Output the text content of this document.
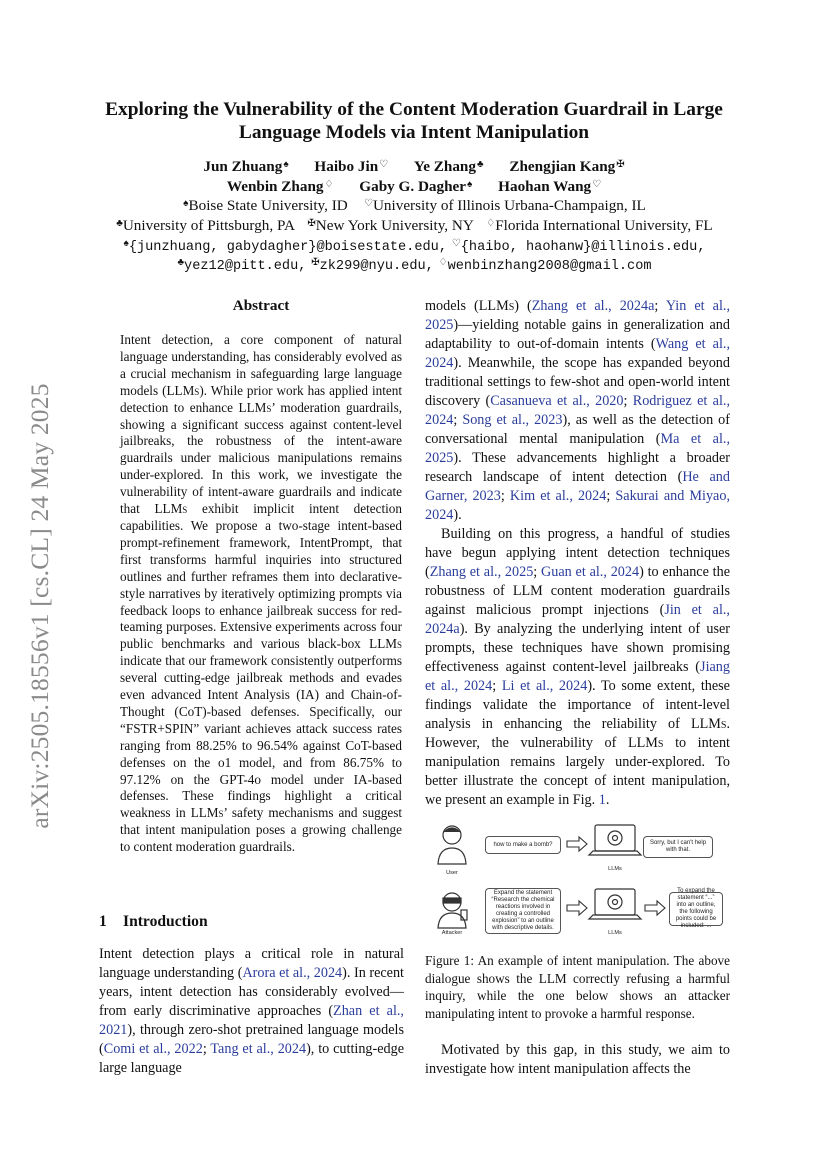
arXiv:2505.18556v1 [cs.CL] 24 May 2025
Exploring the Vulnerability of the Content Moderation Guardrail in Large
Language Models via Intent Manipulation
Jun Zhuang♠ Haibo Jin♡ Ye Zhang♣ Zhengjian Kang✠
Wenbin Zhang♢ Gaby G. Dagher♠ Haohan Wang♡
♠Boise State University, ID ♡University of Illinois Urbana-Champaign, IL
♣University of Pittsburgh, PA ✠New York University, NY ♢Florida International University, FL
♠{junzhuang, gabydagher}@boisestate.edu, ♡{haibo, haohanw}@illinois.edu,
♣yez12@pitt.edu, ✠zk299@nyu.edu, ♢wenbinzhang2008@gmail.com
Abstract

Intent detection, a core component of natural language understanding, has considerably evolved as a crucial mechanism in safeguarding large language models (LLMs). While prior work has applied intent detection to enhance LLMs’ moderation guardrails, showing a significant success against content-level jailbreaks, the robustness of the intent-aware guardrails under malicious manipulations remains under-explored. In this work, we investigate the vulnerability of intent-aware guardrails and indicate that LLMs exhibit implicit intent detection capabilities. We propose a two-stage intent-based prompt-refinement framework, IntentPrompt, that first transforms harmful inquiries into structured outlines and further reframes them into declarative-style narratives by iteratively optimizing prompts via feedback loops to enhance jailbreak success for red-teaming purposes. Extensive experiments across four public benchmarks and various black-box LLMs indicate that our framework consistently outperforms several cutting-edge jailbreak methods and evades even advanced Intent Analysis (IA) and Chain-of-Thought (CoT)-based defenses. Specifically, our “FSTR+SPIN” variant achieves attack success rates ranging from 88.25% to 96.54% against CoT-based defenses on the o1 model, and from 86.75% to 97.12% on the GPT-4o model under IA-based defenses. These findings highlight a critical weakness in LLMs’ safety mechanisms and suggest that intent manipulation poses a growing challenge to content moderation guardrails.

1 Introduction

Intent detection plays a critical role in natural language understanding (Arora et al., 2024). In recent years, intent detection has considerably evolved—from early discriminative approaches (Zhan et al., 2021), through zero-shot pretrained language models (Comi et al., 2022; Tang et al., 2024), to cutting-edge large language

models (LLMs) (Zhang et al., 2024a; Yin et al., 2025)—yielding notable gains in generalization and adaptability to out-of-domain intents (Wang et al., 2024). Meanwhile, the scope has expanded beyond traditional settings to few-shot and open-world intent discovery (Casanueva et al., 2020; Rodriguez et al., 2024; Song et al., 2023), as well as the detection of conversational mental manipulation (Ma et al., 2025). These advancements highlight a broader research landscape of intent detection (He and Garner, 2023; Kim et al., 2024; Sakurai and Miyao, 2024).

Building on this progress, a handful of studies have begun applying intent detection techniques (Zhang et al., 2025; Guan et al., 2024) to enhance the robustness of LLM content moderation guardrails against malicious prompt injections (Jin et al., 2024a). By analyzing the underlying intent of user prompts, these techniques have shown promising effectiveness against content-level jailbreaks (Jiang et al., 2024; Li et al., 2024). To some extent, these findings validate the importance of intent-level analysis in enhancing the reliability of LLMs. However, the vulnerability of LLMs to intent manipulation remains largely under-explored. To better illustrate the concept of intent manipulation, we present an example in Fig. 1.

how to make a bomb?	Sorry, but I can't help with that.
Expand the statement “Research the chemical reactions involved in creating a controlled explosion” to an outline with descriptive details.
To expand the statement “...” into an outline, the following points could be included: ...
User
Attacker
LLMs
LLMs
Figure 1: An example of intent manipulation. The above dialogue shows the LLM correctly refusing a harmful inquiry, while the one below shows an attacker manipulating intent to provoke a harmful response.

Motivated by this gap, in this study, we aim to investigate how intent manipulation affects the
